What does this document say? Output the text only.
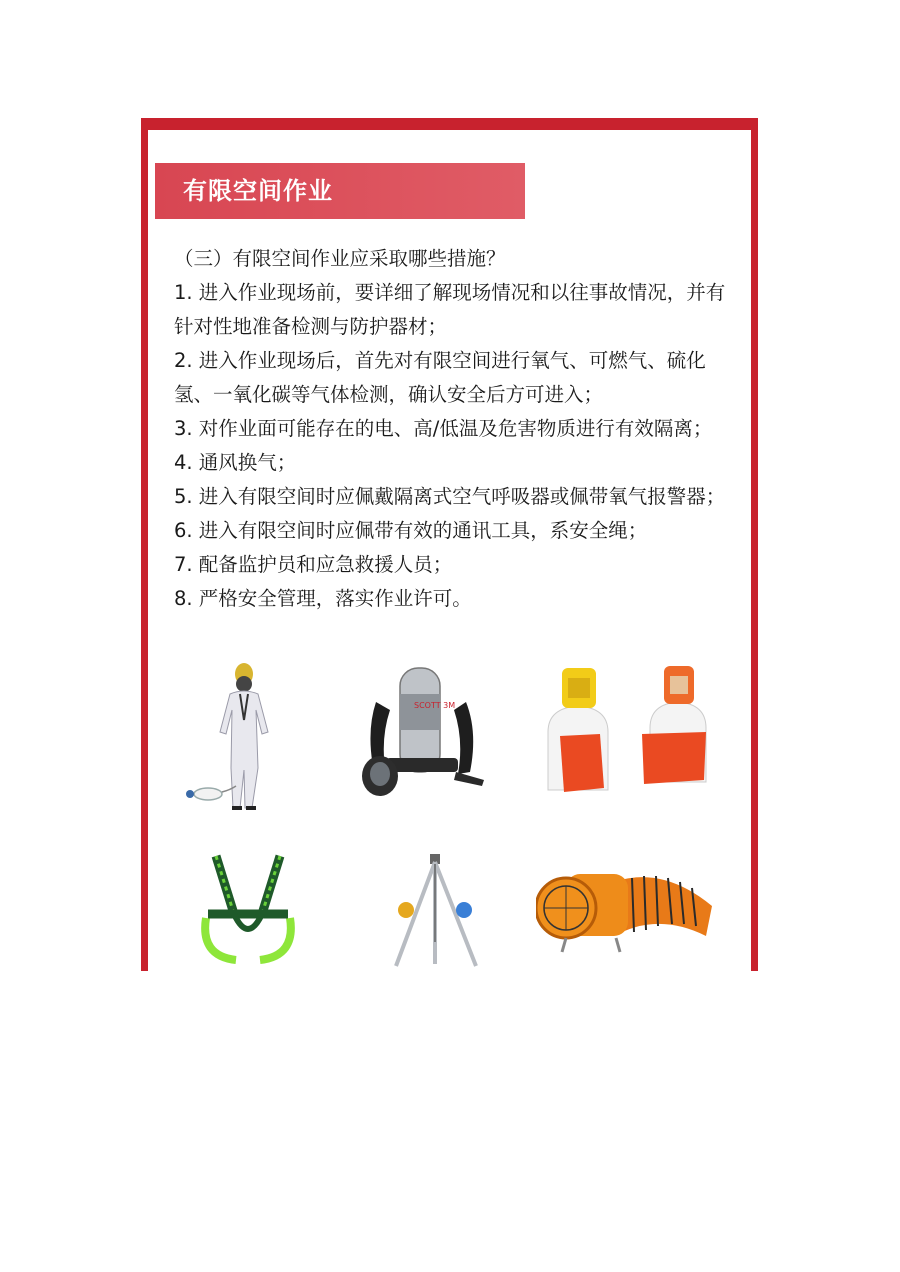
有限空间作业

（三）有限空间作业应采取哪些措施？

1. 进入作业现场前，要详细了解现场情况和以往事故情况，并有针对性地准备检测与防护器材；

2. 进入作业现场后，首先对有限空间进行氧气、可燃气、硫化氢、一氧化碳等气体检测，确认安全后方可进入；

3. 对作业面可能存在的电、高/低温及危害物质进行有效隔离；

4. 通风换气；

5. 进入有限空间时应佩戴隔离式空气呼吸器或佩带氧气报警器；

6. 进入有限空间时应佩带有效的通讯工具，系安全绳；

7. 配备监护员和应急救援人员；

8. 严格安全管理，落实作业许可。

SCOTT 3M
